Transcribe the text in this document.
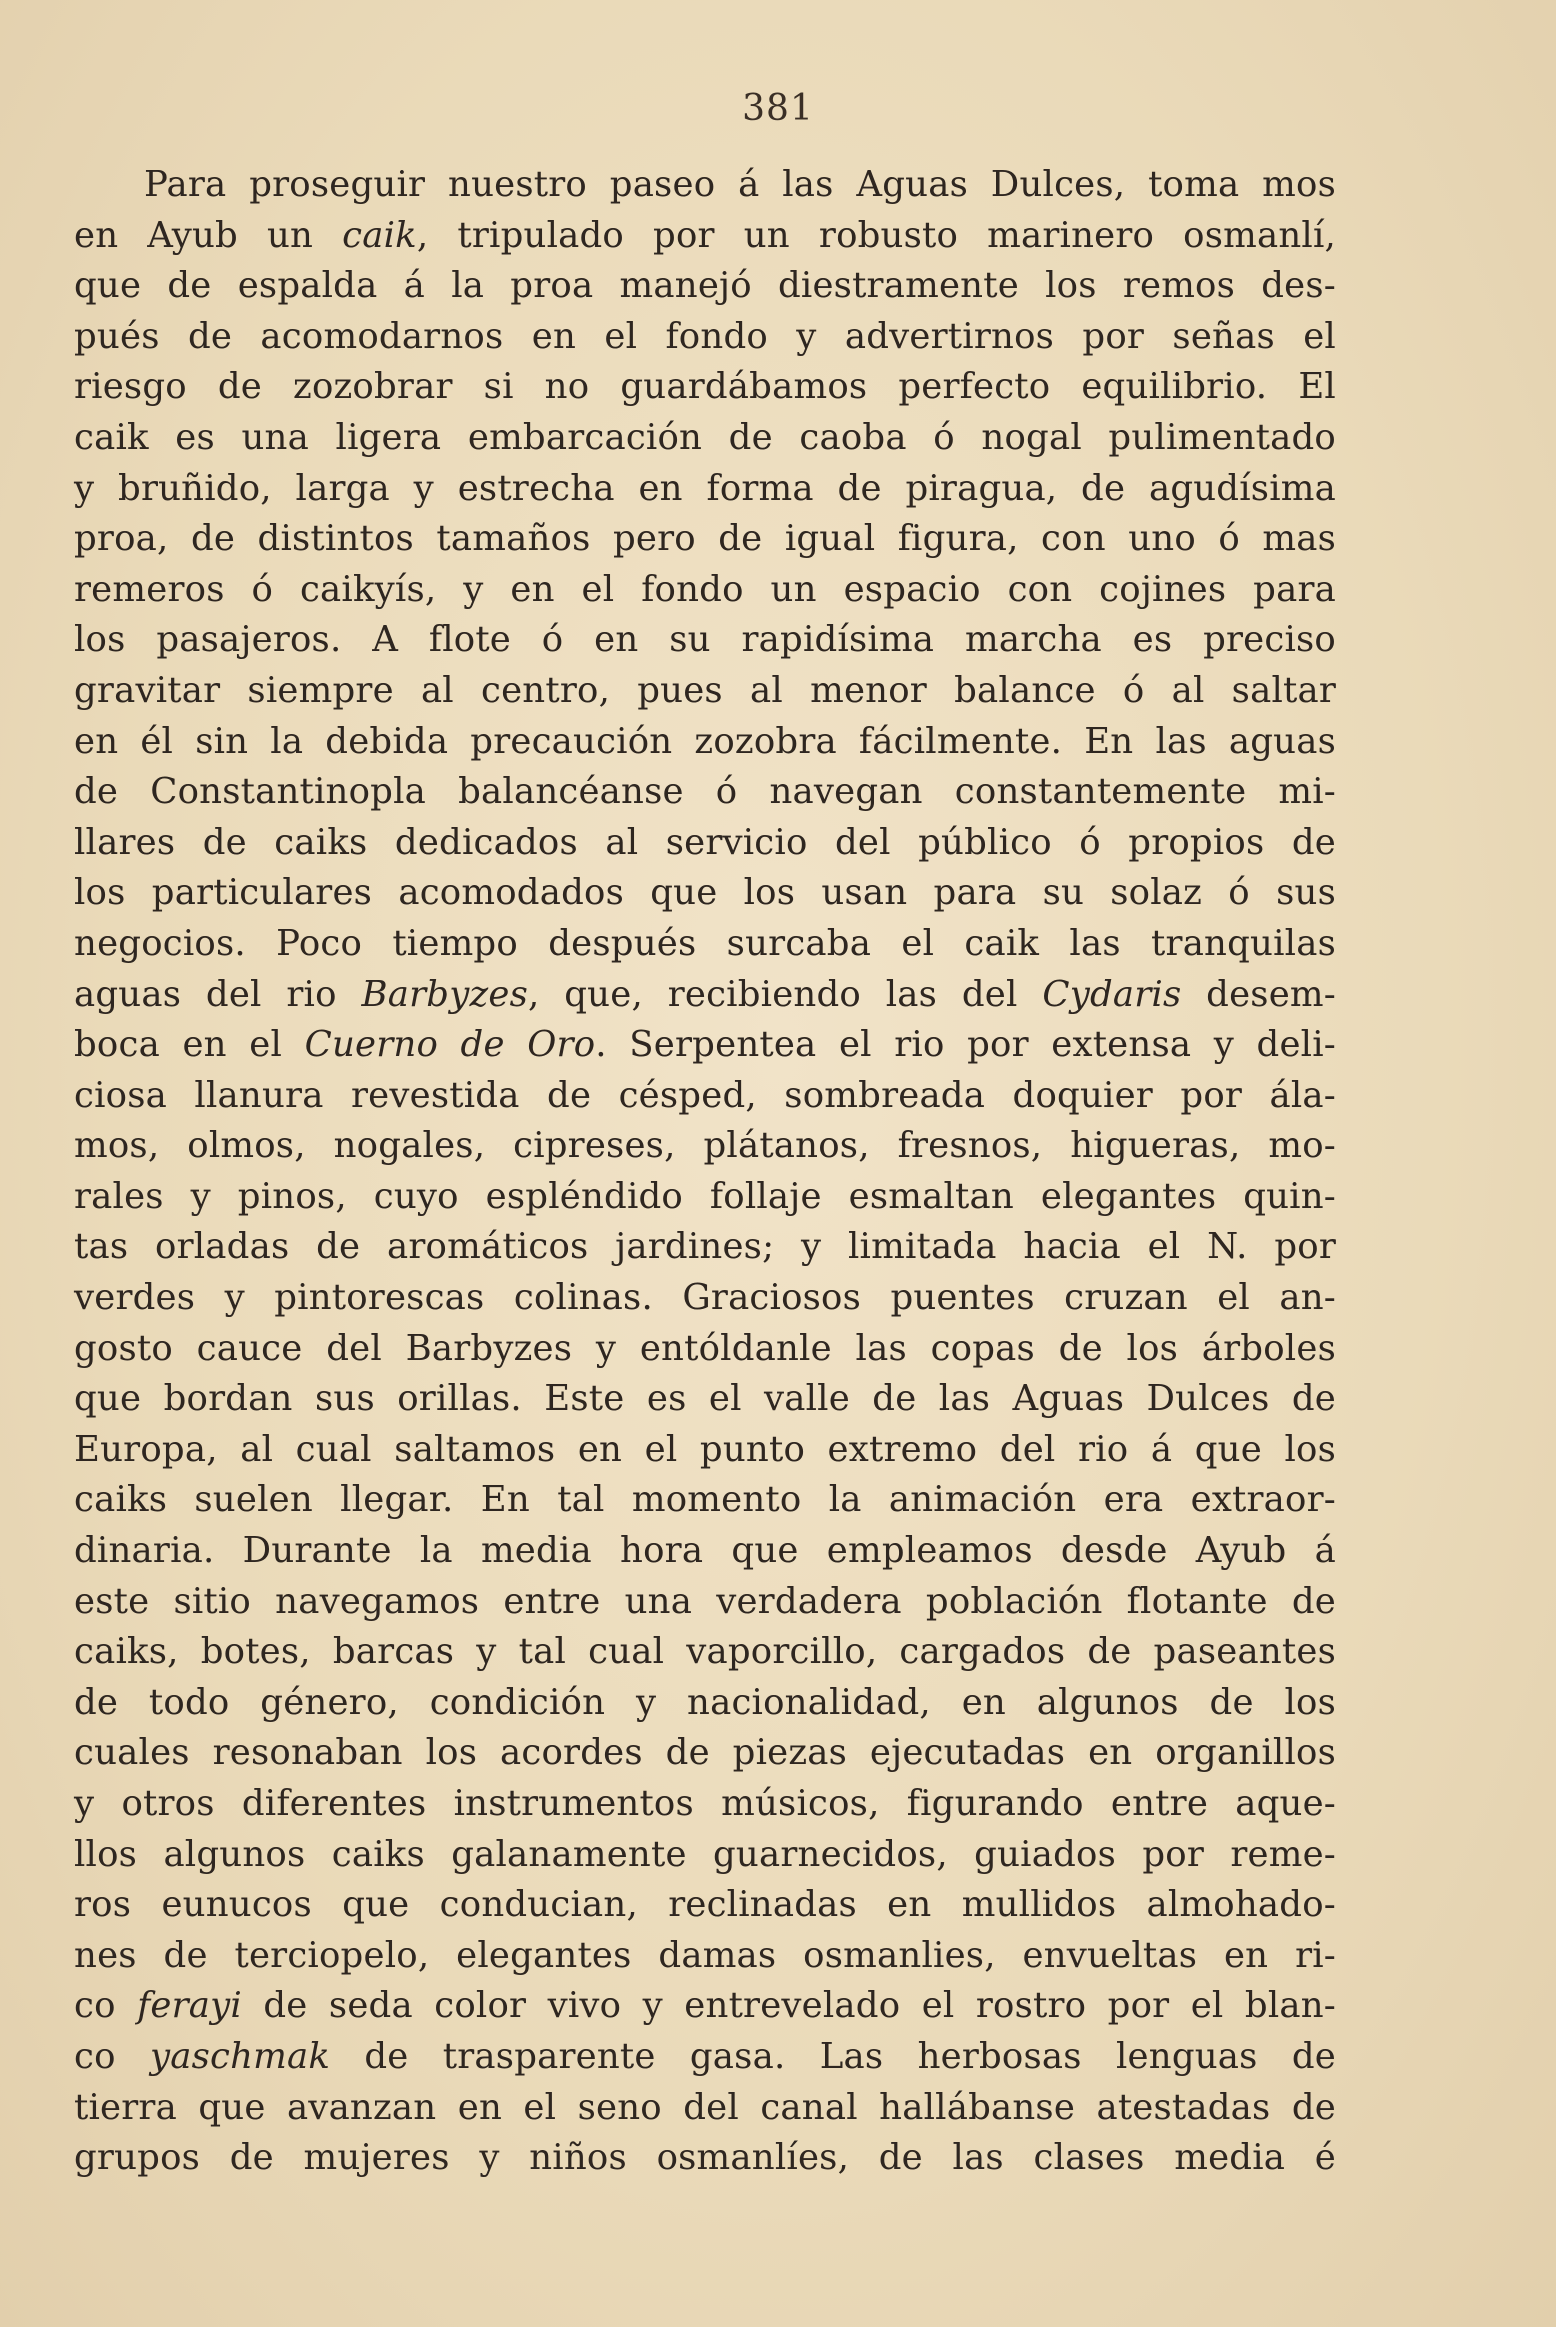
381
Para proseguir nuestro paseo á las Aguas Dulces, toma mos
en Ayub un caik, tripulado por un robusto marinero osmanlí,
que de espalda á la proa manejó diestramente los remos des-
pués de acomodarnos en el fondo y advertirnos por señas el
riesgo de zozobrar si no guardábamos perfecto equilibrio. El
caik es una ligera embarcación de caoba ó nogal pulimentado
y bruñido, larga y estrecha en forma de piragua, de agudísima
proa, de distintos tamaños pero de igual figura, con uno ó mas
remeros ó caikyís, y en el fondo un espacio con cojines para
los pasajeros. A flote ó en su rapidísima marcha es preciso
gravitar siempre al centro, pues al menor balance ó al saltar
en él sin la debida precaución zozobra fácilmente. En las aguas
de Constantinopla balancéanse ó navegan constantemente mi-
llares de caiks dedicados al servicio del público ó propios de
los particulares acomodados que los usan para su solaz ó sus
negocios. Poco tiempo después surcaba el caik las tranquilas
aguas del rio Barbyzes, que, recibiendo las del Cydaris desem-
boca en el Cuerno de Oro. Serpentea el rio por extensa y deli-
ciosa llanura revestida de césped, sombreada doquier por ála-
mos, olmos, nogales, cipreses, plátanos, fresnos, higueras, mo-
rales y pinos, cuyo espléndido follaje esmaltan elegantes quin-
tas orladas de aromáticos jardines; y limitada hacia el N. por
verdes y pintorescas colinas. Graciosos puentes cruzan el an-
gosto cauce del Barbyzes y entóldanle las copas de los árboles
que bordan sus orillas. Este es el valle de las Aguas Dulces de
Europa, al cual saltamos en el punto extremo del rio á que los
caiks suelen llegar. En tal momento la animación era extraor-
dinaria. Durante la media hora que empleamos desde Ayub á
este sitio navegamos entre una verdadera población flotante de
caiks, botes, barcas y tal cual vaporcillo, cargados de paseantes
de todo género, condición y nacionalidad, en algunos de los
cuales resonaban los acordes de piezas ejecutadas en organillos
y otros diferentes instrumentos músicos, figurando entre aque-
llos algunos caiks galanamente guarnecidos, guiados por reme-
ros eunucos que conducian, reclinadas en mullidos almohado-
nes de terciopelo, elegantes damas osmanlies, envueltas en ri-
co ferayi de seda color vivo y entrevelado el rostro por el blan-
co yaschmak de trasparente gasa. Las herbosas lenguas de
tierra que avanzan en el seno del canal hallábanse atestadas de
grupos de mujeres y niños osmanlíes, de las clases media é
